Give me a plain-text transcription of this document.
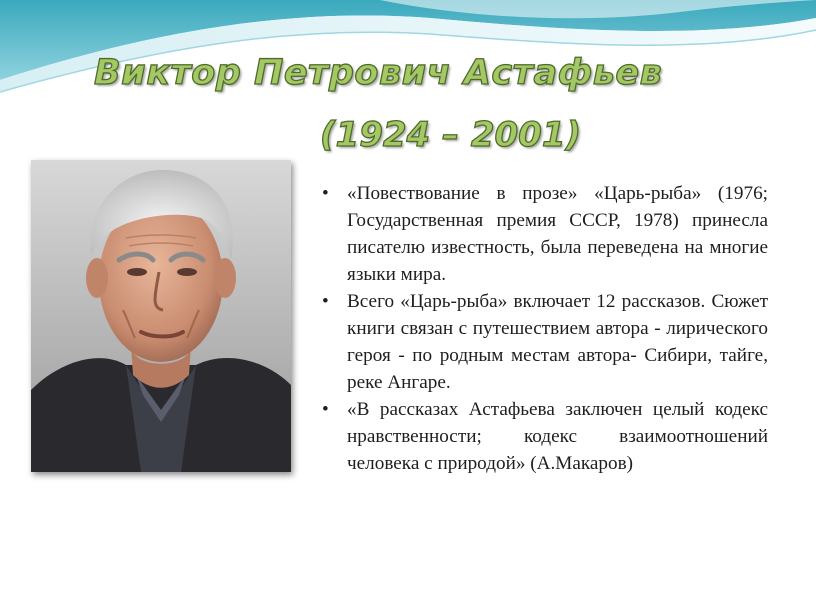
Виктор Петрович Астафьев
(1924 – 2001)
• «Повествование в прозе» «Царь-рыба» (1976; Государственная премия СССР, 1978) принесла писателю известность, была переведена на многие языки мира.
• Всего «Царь-рыба» включает 12 рассказов. Сюжет книги связан с путешествием автора - лирического героя - по родным местам автора- Сибири, тайге, реке Ангаре.
• «В рассказах Астафьева заключен целый кодекс нравственности; кодекс взаимоотношений человека с природой» (А.Макаров)
